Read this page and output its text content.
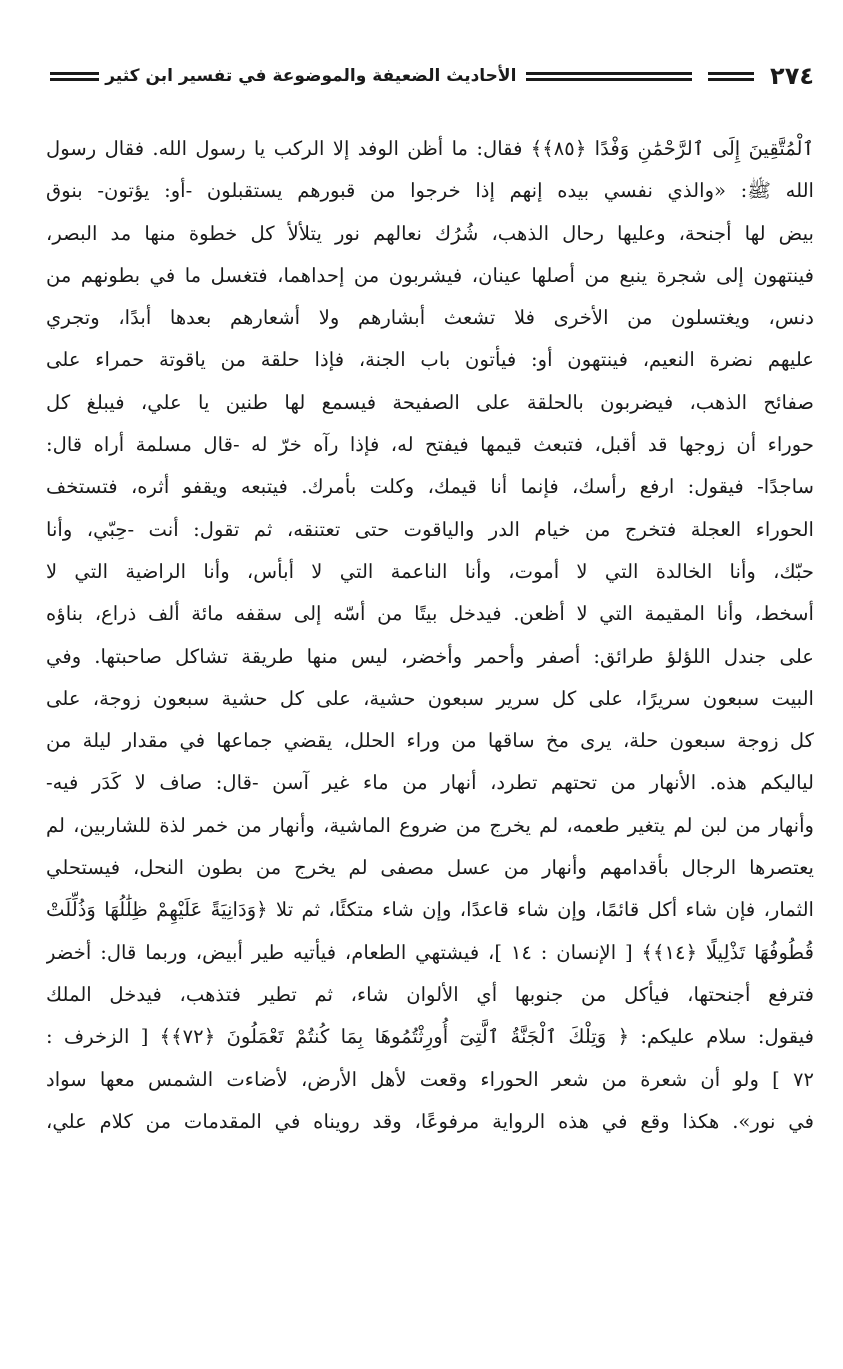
٢٧٤
الأحاديث الضعيفة والموضوعة في تفسير ابن كثير
ٱلْمُتَّقِينَ إِلَى ٱلرَّحْمَٰنِ وَفْدًا ﴿٨٥﴾﴾ فقال: ما أظن الوفد إلا الركب يا رسول الله. فقال رسول
الله ﷺ: «والذي نفسي بيده إنهم إذا خرجوا من قبورهم يستقبلون -أو: يؤتون- بنوق
بيض لها أجنحة، وعليها رحال الذهب، شُرُك نعالهم نور يتلألأ كل خطوة منها مد البصر،
فينتهون إلى شجرة ينبع من أصلها عينان، فيشربون من إحداهما، فتغسل ما في بطونهم من
دنس، ويغتسلون من الأخرى فلا تشعث أبشارهم ولا أشعارهم بعدها أبدًا، وتجري
عليهم نضرة النعيم، فينتهون أو: فيأتون باب الجنة، فإذا حلقة من ياقوتة حمراء على
صفائح الذهب، فيضربون بالحلقة على الصفيحة فيسمع لها طنين يا علي، فيبلغ كل
حوراء أن زوجها قد أقبل، فتبعث قيمها فيفتح له، فإذا رآه خرّ له -قال مسلمة أراه قال:
ساجدًا- فيقول: ارفع رأسك، فإنما أنا قيمك، وكلت بأمرك. فيتبعه ويقفو أثره، فتستخف
الحوراء العجلة فتخرج من خيام الدر والياقوت حتى تعتنقه، ثم تقول: أنت -حِبّي، وأنا
حبّك، وأنا الخالدة التي لا أموت، وأنا الناعمة التي لا أبأس، وأنا الراضية التي لا
أسخط، وأنا المقيمة التي لا أظعن. فيدخل بيتًا من أسّه إلى سقفه مائة ألف ذراع، بناؤه
على جندل اللؤلؤ طرائق: أصفر وأحمر وأخضر، ليس منها طريقة تشاكل صاحبتها. وفي
البيت سبعون سريرًا، على كل سرير سبعون حشية، على كل حشية سبعون زوجة، على
كل زوجة سبعون حلة، يرى مخ ساقها من وراء الحلل، يقضي جماعها في مقدار ليلة من
لياليكم هذه. الأنهار من تحتهم تطرد، أنهار من ماء غير آسن -قال: صاف لا كَدَر فيه-
وأنهار من لبن لم يتغير طعمه، لم يخرج من ضروع الماشية، وأنهار من خمر لذة للشاربين، لم
يعتصرها الرجال بأقدامهم وأنهار من عسل مصفى لم يخرج من بطون النحل، فيستحلي
الثمار، فإن شاء أكل قائمًا، وإن شاء قاعدًا، وإن شاء متكئًا، ثم تلا ﴿وَدَانِيَةً عَلَيْهِمْ ظِلَٰلُهَا وَذُلِّلَتْ
قُطُوفُهَا تَذْلِيلًا ﴿١٤﴾﴾ [ الإنسان : ١٤ ]، فيشتهي الطعام، فيأتيه طير أبيض، وربما قال: أخضر
فترفع أجنحتها، فيأكل من جنوبها أي الألوان شاء، ثم تطير فتذهب، فيدخل الملك
فيقول: سلام عليكم: ﴿ وَتِلْكَ ٱلْجَنَّةُ ٱلَّتِىٓ أُورِثْتُمُوهَا بِمَا كُنتُمْ تَعْمَلُونَ ﴿٧٢﴾﴾ [ الزخرف :
٧٢ ] ولو أن شعرة من شعر الحوراء وقعت لأهل الأرض، لأضاءت الشمس معها سواد
في نور». هكذا وقع في هذه الرواية مرفوعًا، وقد رويناه في المقدمات من كلام علي،
